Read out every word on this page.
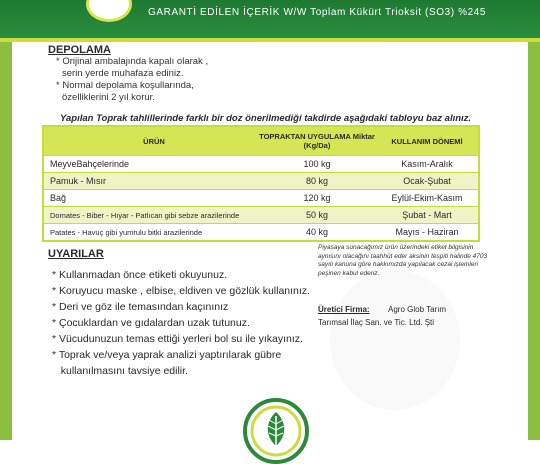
GARANTİ EDİLEN İÇERİK W/W Toplam Kükürt Trioksit (SO3) %245
DEPOLAMA
* Orijinal ambalajında kapalı olarak ,
serin yerde muhafaza ediniz.
* Normal depolama koşullarında,
özelliklerini 2 yıl korur.
Yapılan Toprak tahlillerinde farklı bir doz önerilmediği takdirde aşağıdaki tabloyu baz alınız.
ÜRÜN	TOPRAKTAN UYGULAMA Miktar (Kg/Da)	KULLANIM DÖNEMİ
MeyveBahçelerinde	100 kg	Kasım-Aralık
Pamuk - Mısır	80 kg	Ocak-Şubat
Bağ	120 kg	Eylül-Ekim-Kasım
Domates - Biber - Hıyar - Patlıcan gibi sebze arazilerinde	50 kg	Şubat - Mart
Patates - Havuç gibi yumrulu bitki arazilerinde	40 kg	Mayıs - Haziran
Piyasaya sunacağımız ürün üzerindeki etiket bilgisinin aynısını olacağını taahhüt eder aksinin tespiti halinde 4703 sayılı kanuna göre hakkımızda yapılacak cezai işlemleri peşinen kabul ederiz.
Üretici Firma: Agro Glob Tarım
Tarımsal İlaç San. ve Tic. Ltd. Şti
UYARILAR
* Kullanmadan önce etiketi okuyunuz.
* Koruyucu maske , elbise, eldiven ve gözlük kullanınız.
* Deri ve göz ile temasından kaçınınız
* Çocuklardan ve gıdalardan uzak tutunuz.
* Vücudunuzun temas ettiği yerleri bol su ile yıkayınız.
* Toprak ve/veya yaprak analizi yaptırılarak gübre
kullanılmasını tavsiye edilir.
